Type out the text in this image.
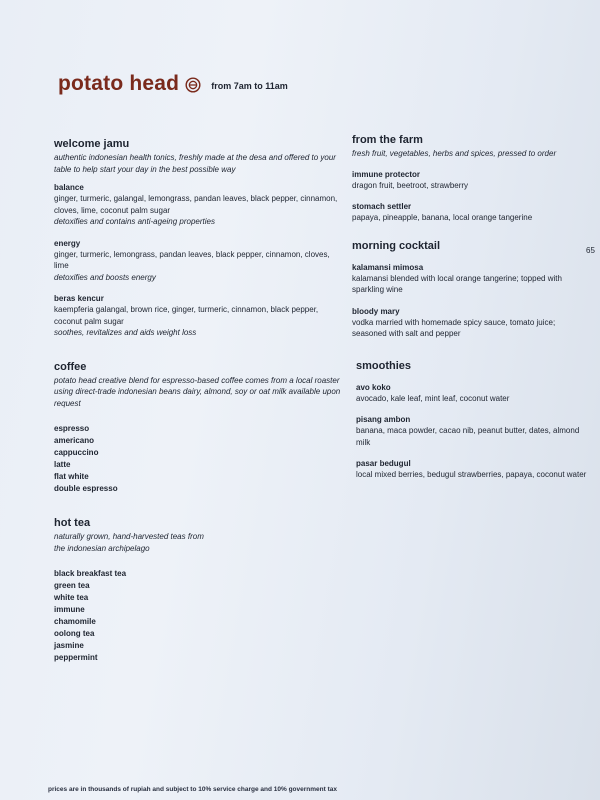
potato head	from 7am to 11am
welcome jamu
authentic indonesian health tonics, freshly made at the desa and offered to your table to help start your day in the best possible way
balance
ginger, turmeric, galangal, lemongrass, pandan leaves, black pepper, cinnamon, cloves, lime, coconut palm sugar
detoxifies and contains anti-ageing properties
energy
ginger, turmeric, lemongrass, pandan leaves, black pepper, cinnamon, cloves, lime
detoxifies and boosts energy
beras kencur
kaempferia galangal, brown rice, ginger, turmeric, cinnamon, black pepper, coconut palm sugar
soothes, revitalizes and aids weight loss
coffee
potato head creative blend for espresso-based coffee comes from a local roaster using direct-trade indonesian beans dairy, almond, soy or oat milk available upon request
espresso
americano
cappuccino
latte
flat white
double espresso
hot tea
naturally grown, hand-harvested teas from the indonesian archipelago
black breakfast tea
green tea
white tea
immune
chamomile
oolong tea
jasmine
peppermint
from the farm
fresh fruit, vegetables, herbs and spices, pressed to order
immune protector
dragon fruit, beetroot, strawberry
stomach settler
papaya, pineapple, banana, local orange tangerine
morning cocktail
kalamansi mimosa
kalamansi blended with local orange tangerine; topped with sparkling wine
bloody mary
vodka married with homemade spicy sauce, tomato juice; seasoned with salt and pepper
smoothies
avo koko
avocado, kale leaf, mint leaf, coconut water
pisang ambon
banana, maca powder, cacao nib, peanut butter, dates, almond milk
pasar bedugul
local mixed berries, bedugul strawberries, papaya, coconut water
65
prices are in thousands of rupiah and subject to 10% service charge and 10% government tax
